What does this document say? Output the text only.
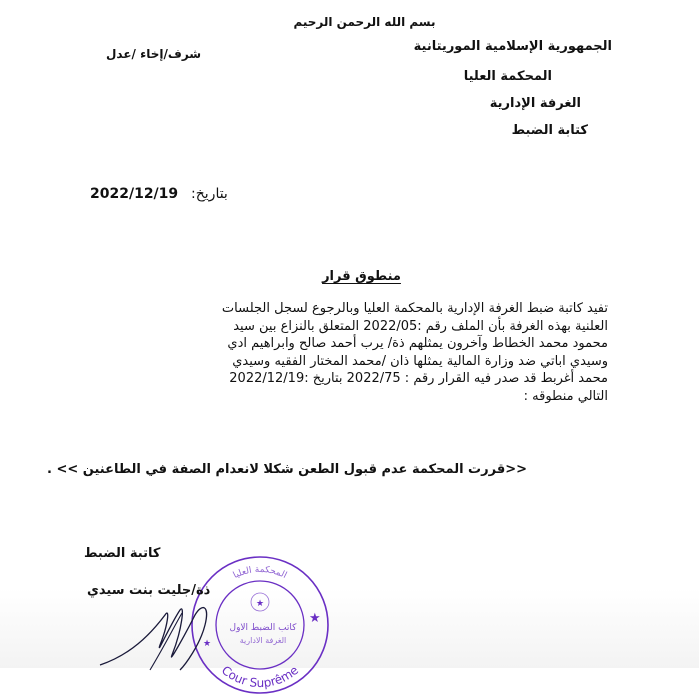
بسم الله الرحمن الرحيم
الجمهورية الإسلامية الموريتانية
المحكمة العليا
الغرفة الإدارية
كتابة الضبط
شرف/إخاء /عدل
بتاريخ: 2022/12/19
منطوق قرار

تفيد كاتبة ضبط الغرفة الإدارية بالمحكمة العليا وبالرجوع لسجل الجلسات

العلنية بهذه الغرفة بأن الملف رقم :2022/05 المتعلق بالنزاع بين سيد

محمود محمد الخطاط وآخرون يمثلهم ذة/ يرب أحمد صالح وابراهيم ادي

وسيدي اباتي ضد وزارة المالية يمثلها ذان /محمد المختار الفقيه وسيدي

محمد أغربط قد صدر فيه القرار رقم : 2022/75 بتاريخ :2022/12/19

التالي منطوقه :

<<قررت المحكمة عدم قبول الطعن شكلا لانعدام الصفة في الطاعنين >> .
كاتبة الضبط
المحكمة العليا
Cour Suprême
★
★
★
كاتب الضبط الاول
الغرفة الادارية
ذة/جليت بنت سيدي
